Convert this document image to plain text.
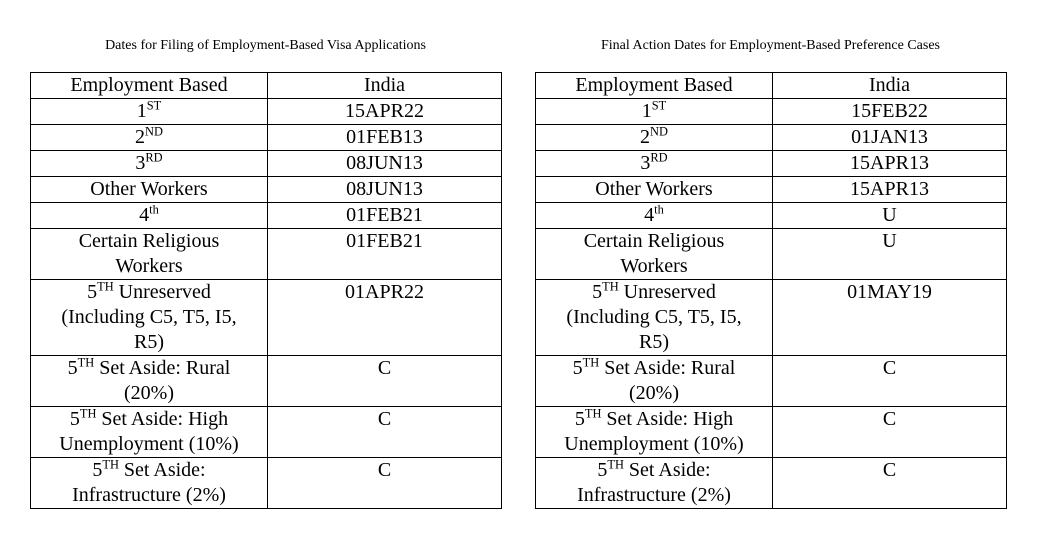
Dates for Filing of Employment-Based Visa Applications
Employment Based	India
1ST	15APR22
2ND	01FEB13
3RD	08JUN13
Other Workers	08JUN13
4th	01FEB21
Certain Religious
Workers	01FEB21
5TH Unreserved
(Including C5, T5, I5,
R5)	01APR22
5TH Set Aside: Rural
(20%)	C
5TH Set Aside: High
Unemployment (10%)	C
5TH Set Aside:
Infrastructure (2%)	C
Final Action Dates for Employment-Based Preference Cases
Employment Based	India
1ST	15FEB22
2ND	01JAN13
3RD	15APR13
Other Workers	15APR13
4th	U
Certain Religious
Workers	U
5TH Unreserved
(Including C5, T5, I5,
R5)	01MAY19
5TH Set Aside: Rural
(20%)	C
5TH Set Aside: High
Unemployment (10%)	C
5TH Set Aside:
Infrastructure (2%)	C
